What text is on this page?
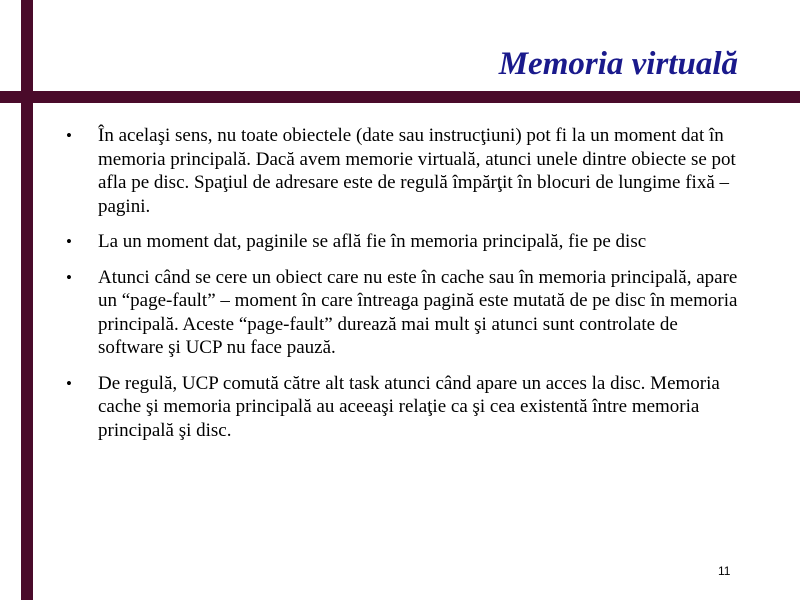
Memoria virtuală
• În acelaşi sens, nu toate obiectele (date sau instrucţiuni) pot fi la un moment dat în memoria principală. Dacă avem memorie virtuală, atunci unele dintre obiecte se pot afla pe disc. Spaţiul de adresare este de regulă împărţit în blocuri de lungime fixă – pagini.
• La un moment dat, paginile se află fie în memoria principală, fie pe disc
• Atunci când se cere un obiect care nu este în cache sau în memoria principală, apare un “page-fault” – moment în care întreaga pagină este mutată de pe disc în memoria principală. Aceste “page-fault” durează mai mult şi atunci sunt controlate de software şi UCP nu face pauză.
• De regulă, UCP comută către alt task atunci când apare un acces la disc. Memoria cache şi memoria principală au aceeaşi relaţie ca şi cea existentă între memoria principală şi disc.
11
